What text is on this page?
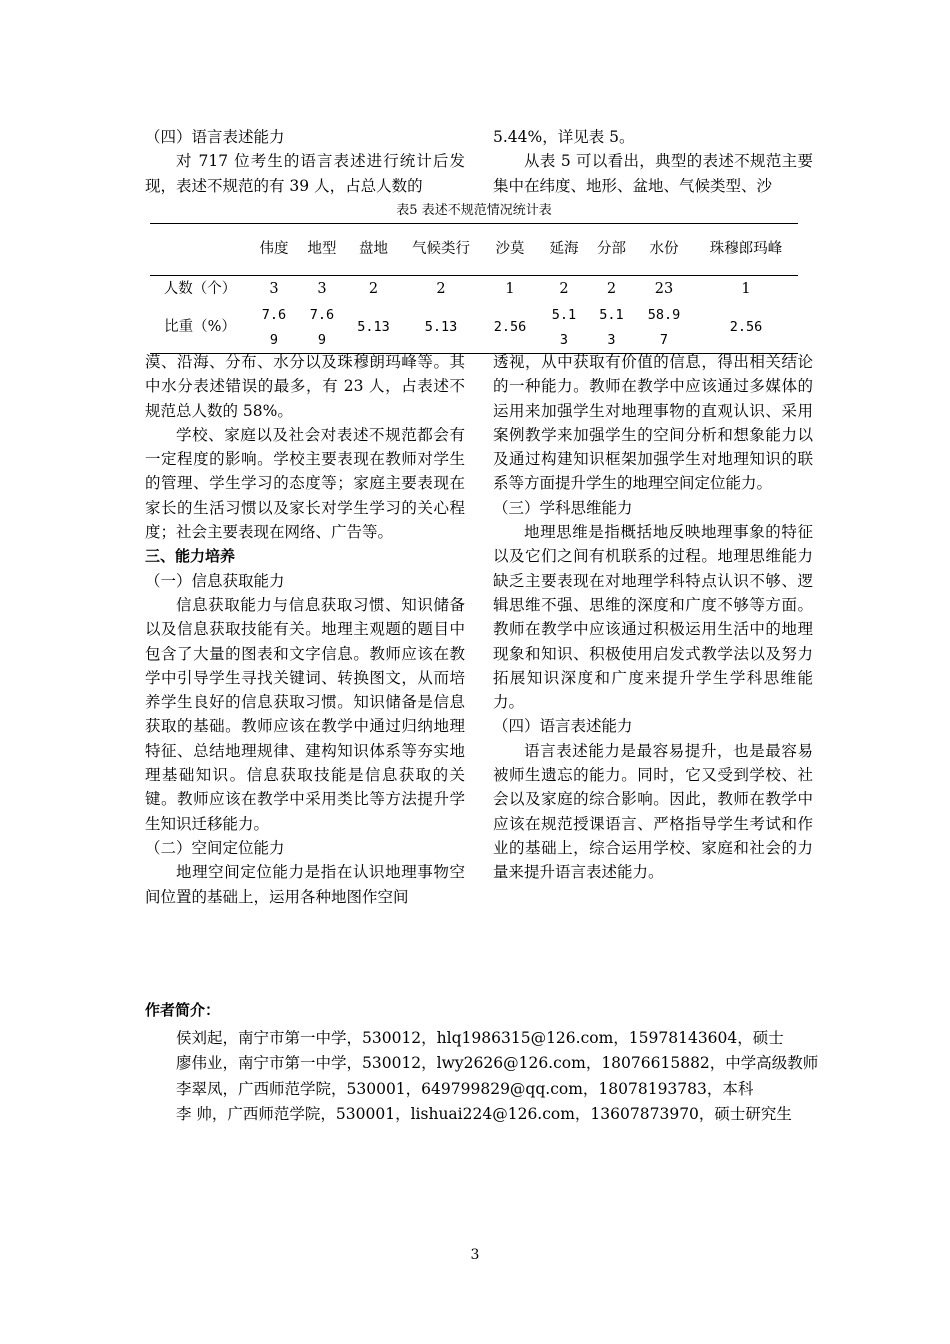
（四）语言表述能力

对 717 位考生的语言表述进行统计后发现，表述不规范的有 39 人，占总人数的

5.44%，详见表 5。

从表 5 可以看出，典型的表述不规范主要集中在纬度、地形、盆地、气候类型、沙

表5 表述不规范情况统计表
	伟度	地型	盘地	气候类行	沙莫	延海	分部	水份	珠穆郎玛峰
人数（个）	3	3	2	2	1	2	2	23	1
比重（%）	7.69	7.69	5.13	5.13	2.56	5.13	5.13	58.97	2.56

漠、沿海、分布、水分以及珠穆朗玛峰等。其中水分表述错误的最多，有 23 人，占表述不规范总人数的 58%。

学校、家庭以及社会对表述不规范都会有一定程度的影响。学校主要表现在教师对学生的管理、学生学习的态度等；家庭主要表现在家长的生活习惯以及家长对学生学习的关心程度；社会主要表现在网络、广告等。

三、能力培养

（一）信息获取能力

信息获取能力与信息获取习惯、知识储备以及信息获取技能有关。地理主观题的题目中包含了大量的图表和文字信息。教师应该在教学中引导学生寻找关键词、转换图文，从而培养学生良好的信息获取习惯。知识储备是信息获取的基础。教师应该在教学中通过归纳地理特征、总结地理规律、建构知识体系等夯实地理基础知识。信息获取技能是信息获取的关键。教师应该在教学中采用类比等方法提升学生知识迁移能力。

（二）空间定位能力

地理空间定位能力是指在认识地理事物空间位置的基础上，运用各种地图作空间

透视，从中获取有价值的信息，得出相关结论的一种能力。教师在教学中应该通过多媒体的运用来加强学生对地理事物的直观认识、采用案例教学来加强学生的空间分析和想象能力以及通过构建知识框架加强学生对地理知识的联系等方面提升学生的地理空间定位能力。

（三）学科思维能力

地理思维是指概括地反映地理事象的特征以及它们之间有机联系的过程。地理思维能力缺乏主要表现在对地理学科特点认识不够、逻辑思维不强、思维的深度和广度不够等方面。教师在教学中应该通过积极运用生活中的地理现象和知识、积极使用启发式教学法以及努力拓展知识深度和广度来提升学生学科思维能力。

（四）语言表述能力

语言表述能力是最容易提升，也是最容易被师生遗忘的能力。同时，它又受到学校、社会以及家庭的综合影响。因此，教师在教学中应该在规范授课语言、严格指导学生考试和作业的基础上，综合运用学校、家庭和社会的力量来提升语言表述能力。

作者简介：

侯刘起，南宁市第一中学，530012，hlq1986315@126.com，15978143604，硕士

廖伟业，南宁市第一中学，530012，lwy2626@126.com，18076615882，中学高级教师

李翠凤，广西师范学院，530001，649799829@qq.com，18078193783，本科

李 帅，广西师范学院，530001，lishuai224@126.com，13607873970，硕士研究生

3
